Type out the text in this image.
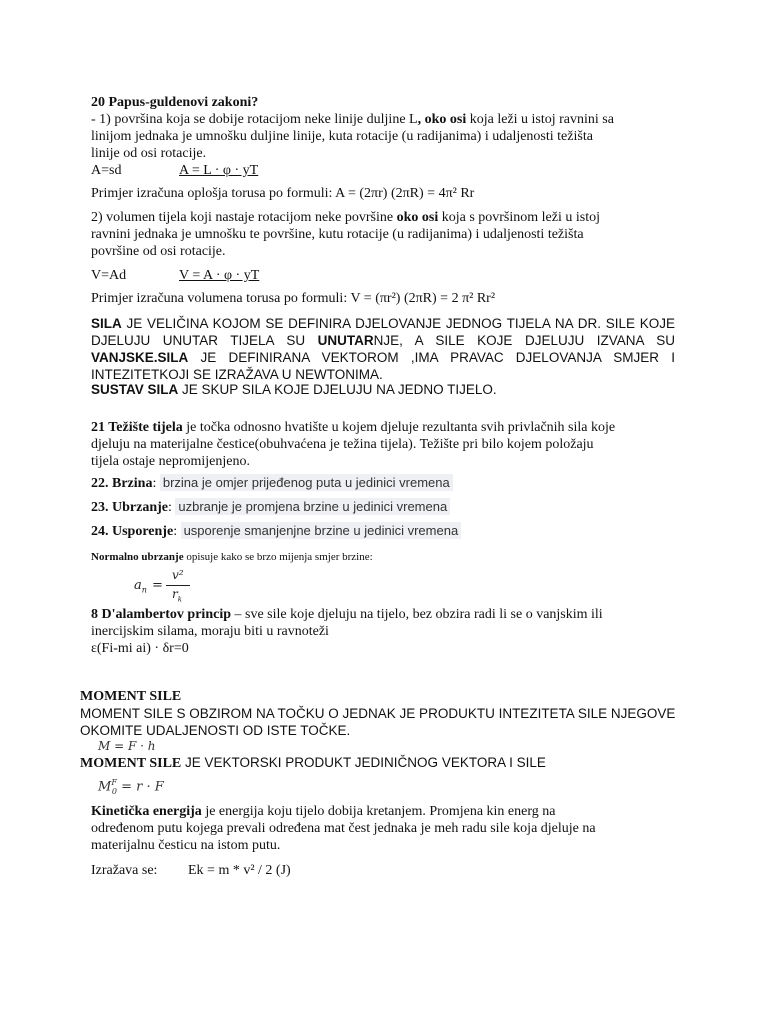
20 Papus-guldenovi zakoni?
- 1) površina koja se dobije rotacijom neke linije duljine L, oko osi koja leži u istoj ravnini sa
linijom jednaka je umnošku duljine linije, kuta rotacije (u radijanima) i udaljenosti težišta
linije od osi rotacije.
A=sd	A = L · φ · yT
Primjer izračuna oplošja torusa po formuli: A = (2πr) (2πR) = 4π² Rr
2) volumen tijela koji nastaje rotacijom neke površine oko osi koja s površinom leži u istoj
ravnini jednaka je umnošku te površine, kutu rotacije (u radijanima) i udaljenosti težišta
površine od osi rotacije.
V=Ad	V = A · φ · yT
Primjer izračuna volumena torusa po formuli: V = (πr²) (2πR) = 2 π² Rr²
SILA JE VELIČINA KOJOM SE DEFINIRA DJELOVANJE JEDNOG TIJELA NA DR. SILE KOJE DJELUJU UNUTAR TIJELA SU UNUTARNJE, A SILE KOJE DJELUJU IZVANA SU VANJSKE.SILA JE DEFINIRANA VEKTOROM ,IMA PRAVAC DJELOVANJA SMJER I INTEZITETKOJI SE IZRAŽAVA U NEWTONIMA.
SUSTAV SILA JE SKUP SILA KOJE DJELUJU NA JEDNO TIJELO.
21 Težište tijela je točka odnosno hvatište u kojem djeluje rezultanta svih privlačnih sila koje
djeluju na materijalne čestice(obuhvaćena je težina tijela). Težište pri bilo kojem položaju
tijela ostaje nepromijenjeno.
22. Brzina: brzina je omjer prijeđenog puta u jedinici vremena
23. Ubrzanje: uzbranje je promjena brzine u jedinici vremena
24. Usporenje: usporenje smanjenjne brzine u jedinici vremena
Normalno ubrzanje opisuje kako se brzo mijenja smjer brzine:
$a_n$ =
v²
$r_k$
8 D'alambertov princip – sve sile koje djeluju na tijelo, bez obzira radi li se o vanjskim ili
inercijskim silama, moraju biti u ravnoteži
ε(Fi-mi ai) · δr=0
MOMENT SILE
MOMENT SILE S OBZIROM NA TOČKU O JEDNAK JE PRODUKTU INTEZITETA SILE NJEGOVE OKOMITE UDALJENOSTI OD ISTE TOČKE.
M = F · h
MOMENT SILE JE VEKTORSKI PRODUKT JEDINIČNOG VEKTORA I SILE
$M^F_0 = r \cdot F$
Kinetička energija je energija koju tijelo dobija kretanjem. Promjena kin energ na
određenom putu kojega prevali određena mat čest jednaka je meh radu sile koja djeluje na
materijalnu česticu na istom putu.
Izražava se:	Ek = m * v² / 2 (J)
